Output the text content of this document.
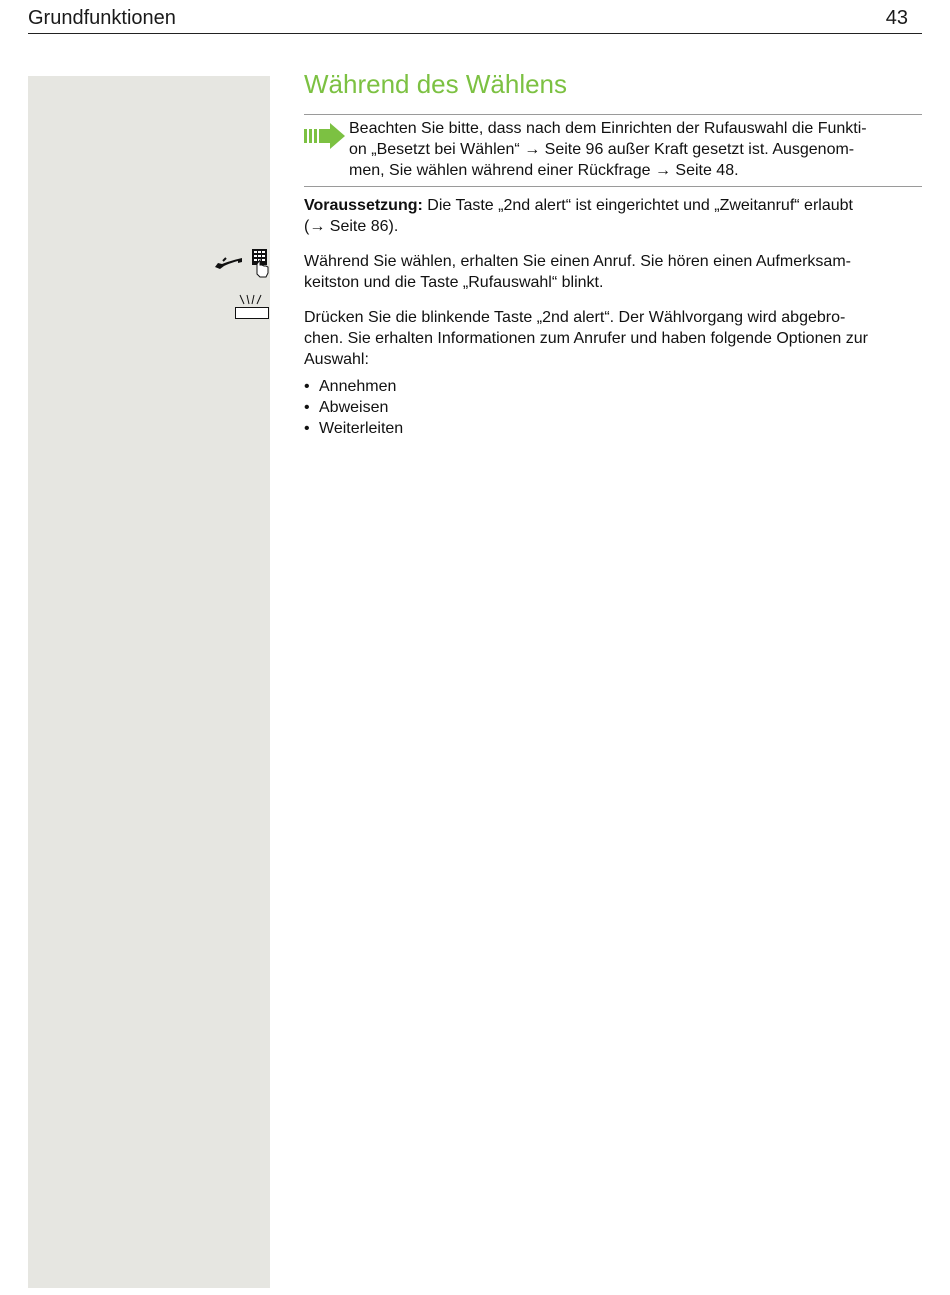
Grundfunktionen	43
Während des Wählens
Beachten Sie bitte, dass nach dem Einrichten der Rufauswahl die Funkti-
on „Besetzt bei Wählen“ → Seite 96 außer Kraft gesetzt ist. Ausgenom-
men, Sie wählen während einer Rückfrage → Seite 48.
Voraussetzung: Die Taste „2nd alert“ ist eingerichtet und „Zweitanruf“ erlaubt
(→ Seite 86).
Während Sie wählen, erhalten Sie einen Anruf. Sie hören einen Aufmerksam-
keitston und die Taste „Rufauswahl“ blinkt.
Drücken Sie die blinkende Taste „2nd alert“. Der Wählvorgang wird abgebro-
chen. Sie erhalten Informationen zum Anrufer und haben folgende Optionen zur
Auswahl:
• Annehmen
• Abweisen
• Weiterleiten
